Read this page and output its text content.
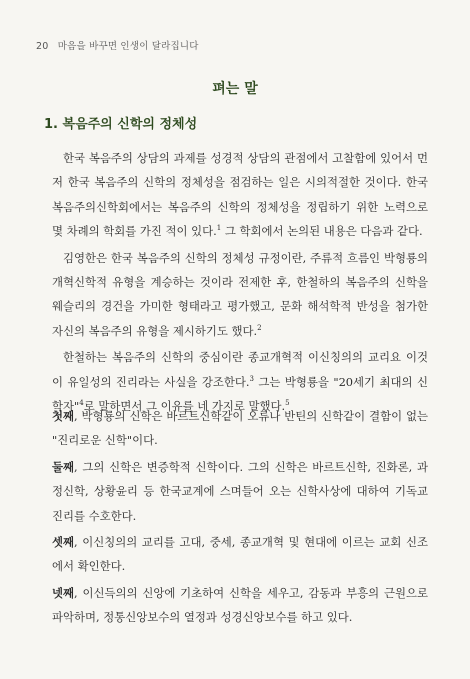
20 마음을 바꾸면 인생이 달라집니다
펴는 말
1. 복음주의 신학의 정체성

한국 복음주의 상담의 과제를 성경적 상담의 관점에서 고찰함에 있어서 먼저 한국 복음주의 신학의 정체성을 점검하는 일은 시의적절한 것이다. 한국복음주의신학회에서는 복음주의 신학의 정체성을 정립하기 위한 노력으로 몇 차례의 학회를 가진 적이 있다.$^1$ 그 학회에서 논의된 내용은 다음과 같다.

김영한은 한국 복음주의 신학의 정체성 규정이란, 주류적 흐름인 박형룡의 개혁신학적 유형을 계승하는 것이라 전제한 후, 한철하의 복음주의 신학을 웨슬리의 경건을 가미한 형태라고 평가했고, 문화 해석학적 반성을 첨가한 자신의 복음주의 유형을 제시하기도 했다.$^2$

한철하는 복음주의 신학의 중심이란 종교개혁적 이신칭의의 교리요 이것이 유일성의 진리라는 사실을 강조한다.$^3$ 그는 박형룡을 "20세기 최대의 신학자"$^4$로 말하면서 그 이유를 네 가지로 말했다.$^5$

첫째, 박형룡의 신학은 바르트신학같이 오류나 반틴의 신학같이 결함이 없는 "진리로운 신학"이다.

둘째, 그의 신학은 변증학적 신학이다. 그의 신학은 바르트신학, 진화론, 과정신학, 상황윤리 등 한국교계에 스며들어 오는 신학사상에 대하여 기독교 진리를 수호한다.

셋째, 이신칭의의 교리를 고대, 중세, 종교개혁 및 현대에 이르는 교회 신조에서 확인한다.

넷째, 이신득의의 신앙에 기초하여 신학을 세우고, 감동과 부흥의 근원으로 파악하며, 정통신앙보수의 열정과 성경신앙보수를 하고 있다.
